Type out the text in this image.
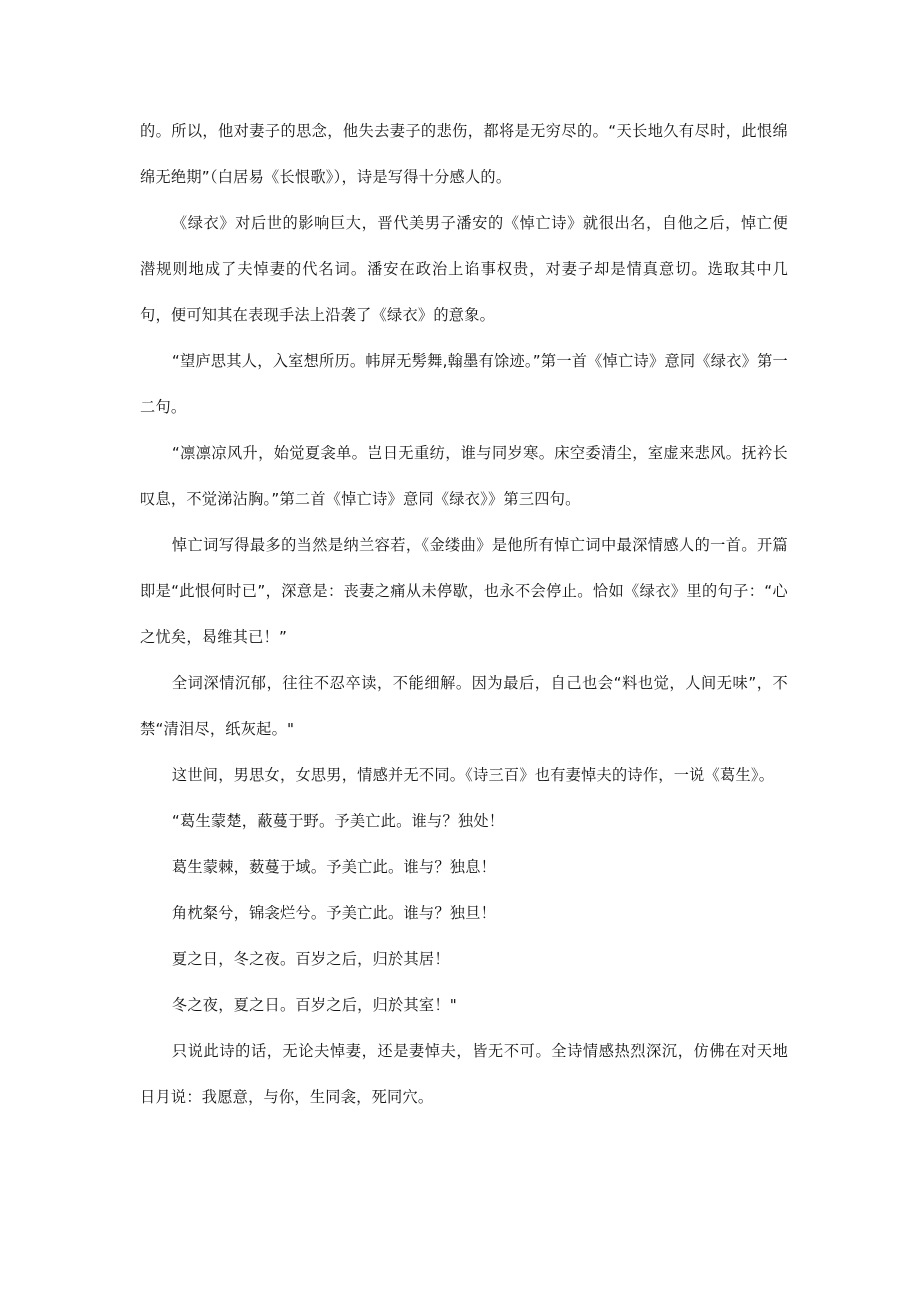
的。所以，他对妻子的思念，他失去妻子的悲伤，都将是无穷尽的。“天长地久有尽时，此恨绵绵无绝期”（白居易《长恨歌》），诗是写得十分感人的。

《绿衣》对后世的影响巨大，晋代美男子潘安的《悼亡诗》就很出名，自他之后，悼亡便潜规则地成了夫悼妻的代名词。潘安在政治上谄事权贵，对妻子却是情真意切。选取其中几句，便可知其在表现手法上沿袭了《绿衣》的意象。

“望庐思其人，入室想所历。帏屏无髣舞,翰墨有馀迹。”第一首《悼亡诗》意同《绿衣》第一二句。

“凛凛凉风升，始觉夏衾单。岂日无重纺，谁与同岁寒。床空委清尘，室虚来悲风。抚衿长叹息，不觉涕沾胸。”第二首《悼亡诗》意同《绿衣》》第三四句。

悼亡词写得最多的当然是纳兰容若，《金缕曲》是他所有悼亡词中最深情感人的一首。开篇即是“此恨何时已”，深意是：丧妻之痛从未停歇，也永不会停止。恰如《绿衣》里的句子：“心之忧矣，曷维其已！”

全词深情沉郁，往往不忍卒读，不能细解。因为最后，自己也会“料也觉，人间无味”，不禁“清泪尽，纸灰起。"

这世间，男思女，女思男，情感并无不同。《诗三百》也有妻悼夫的诗作，一说《葛生》。

“葛生蒙楚，蔽蔓于野。予美亡此。谁与？独处！

葛生蒙棘，薮蔓于域。予美亡此。谁与？独息！

角枕粲兮，锦衾烂兮。予美亡此。谁与？独旦！

夏之日，冬之夜。百岁之后，归於其居！

冬之夜，夏之日。百岁之后，归於其室！"

只说此诗的话，无论夫悼妻，还是妻悼夫，皆无不可。全诗情感热烈深沉，仿佛在对天地日月说：我愿意，与你，生同衾，死同穴。
